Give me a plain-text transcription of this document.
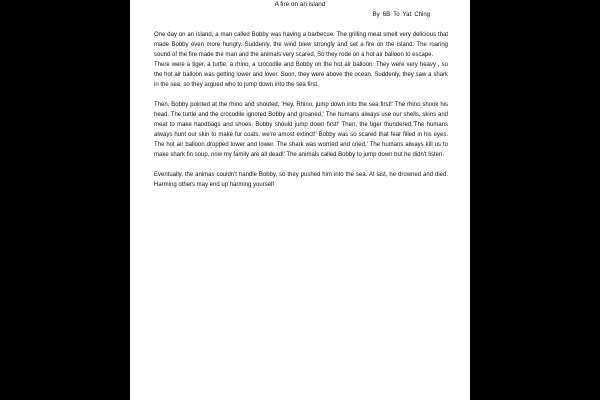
A fire on an island

By 6B To Yat Ching

One day on an island, a man called Bobby was having a barbecue. The grilling meat smelt very delicious that made Bobby even more hungry. Suddenly, the wind blew strongly and set a fire on the island. The roaring sound of the fire made the man and the animals very scared, So they rode on a hot air balloon to escape.

There were a tiger, a turtle, a rhino, a crocodile and Bobby on the hot air balloon. They were very heavy , so the hot air balloon was getting lower and lover. Soon, they were above the ocean. Suddenly, they saw a shark in the sea, so they argued who to jump down into the sea first.

Then, Bobby pointed at the rhino and shouted, 'Hey, Rhino, jump down into the sea first!' The rhino shook his head. The turtle and the crocodile ignored Bobby and groaned,' The humans always use our shells, skins and meat to make handbags and shoes. Bobby should jump down first!' Then, the tiger thundered,'The humans always hunt our skin to make fur coats, we're amost extinct!' Bobby was so scared that fear filled in his eyes. The hot air balloon dropped lower and lower. The shark was worried and cried,' The humans always kill us to make shark fin soup, now my family are all dead!' The animals called Bobby to jump down but he didn't listen.

Eventually, the animas couldn't handle Bobby, so they pushed him into the sea. At last, he drowned and died. Harming others may end up harming yourself
